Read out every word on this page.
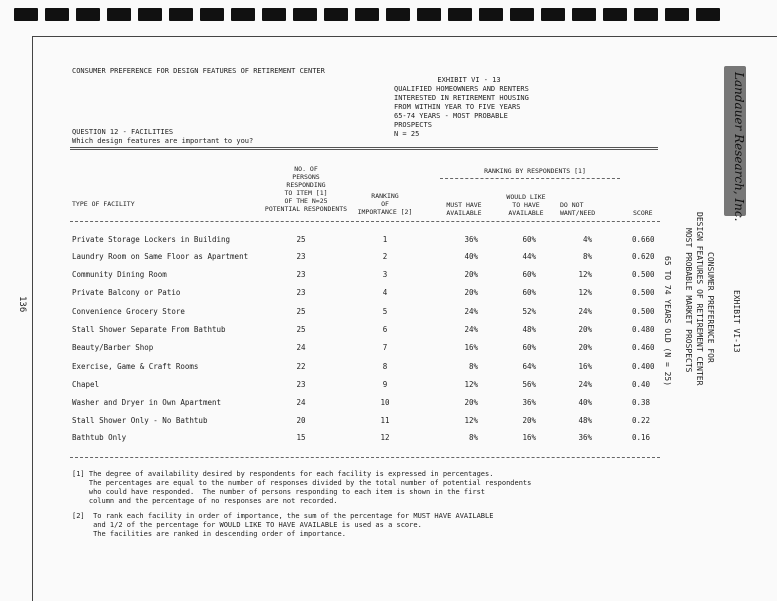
136
CONSUMER PREFERENCE FOR DESIGN FEATURES OF RETIREMENT CENTER
EXHIBIT VI - 13
QUALIFIED HOMEOWNERS AND RENTERS
INTERESTED IN RETIREMENT HOUSING
FROM WITHIN YEAR TO FIVE YEARS
65-74 YEARS - MOST PROBABLE PROSPECTS
N = 25
QUESTION 12 - FACILITIES
Which design features are important to you?
TYPE OF FACILITY
NO. OF
PERSONS
RESPONDING
TO ITEM [1]
OF THE N=25
POTENTIAL RESPONDENTS
RANKING
OF
IMPORTANCE [2]
RANKING BY RESPONDENTS [1]
MUST HAVE
AVAILABLE
WOULD LIKE
TO HAVE
AVAILABLE
DO NOT
WANT/NEED	SCORE
Private Storage Lockers in Building	25	1	36%	60%	4%	0.660
Laundry Room on Same Floor as Apartment	23	2	40%	44%	8%	0.620
Community Dining Room	23	3	20%	60%	12%	0.500
Private Balcony or Patio	23	4	20%	60%	12%	0.500
Convenience Grocery Store	25	5	24%	52%	24%	0.500
Stall Shower Separate From Bathtub	25	6	24%	48%	20%	0.480
Beauty/Barber Shop	24	7	16%	60%	20%	0.460
Exercise, Game & Craft Rooms	22	8	8%	64%	16%	0.400
Chapel	23	9	12%	56%	24%	0.40
Washer and Dryer in Own Apartment	24	10	20%	36%	40%	0.38
Stall Shower Only - No Bathtub	20	11	12%	20%	48%	0.22
Bathtub Only	15	12	8%	16%	36%	0.16

[1] The degree of availability desired by respondents for each facility is expressed in percentages.
The percentages are equal to the number of responses divided by the total number of potential respondents
who could have responded.  The number of persons responding to each item is shown in the first
column and the percentage of no responses are not recorded.

[2]  To rank each facility in order of importance, the sum of the percentage for MUST HAVE AVAILABLE
and 1/2 of the percentage for WOULD LIKE TO HAVE AVAILABLE is used as a score.
The facilities are ranked in descending order of importance.

EXHIBIT VI-13
CONSUMER PREFERENCE FOR
DESIGN FEATURES OF RETIREMENT CENTER
MOST PROBABLE MARKET PROSPECTS
65 TO 74 YEARS OLD (N = 25)
Landauer Research, Inc.
